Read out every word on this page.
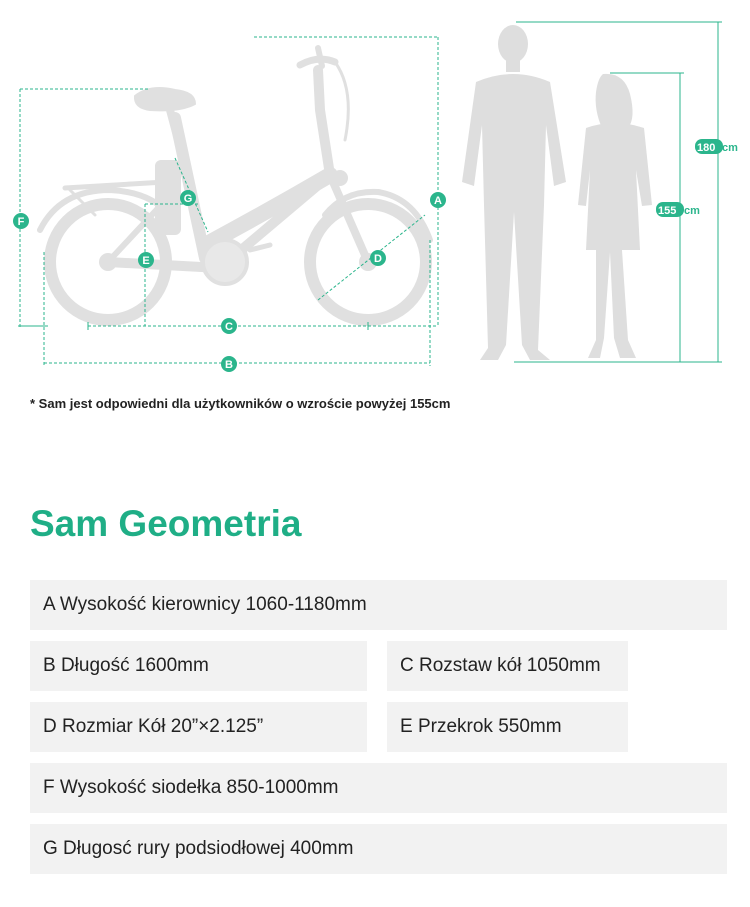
A
B
C
D
E
F
G
180 cm
155 cm
* Sam jest odpowiedni dla użytkowników o wzroście powyżej 155cm
Sam Geometria
A Wysokość kierownicy 1060-1180mm
B Długość 1600mm	C Rozstaw kół 1050mm
D Rozmiar Kół 20”×2.125”	E Przekrok 550mm
F Wysokość siodełka 850-1000mm
G Długosć rury podsiodłowej 400mm
